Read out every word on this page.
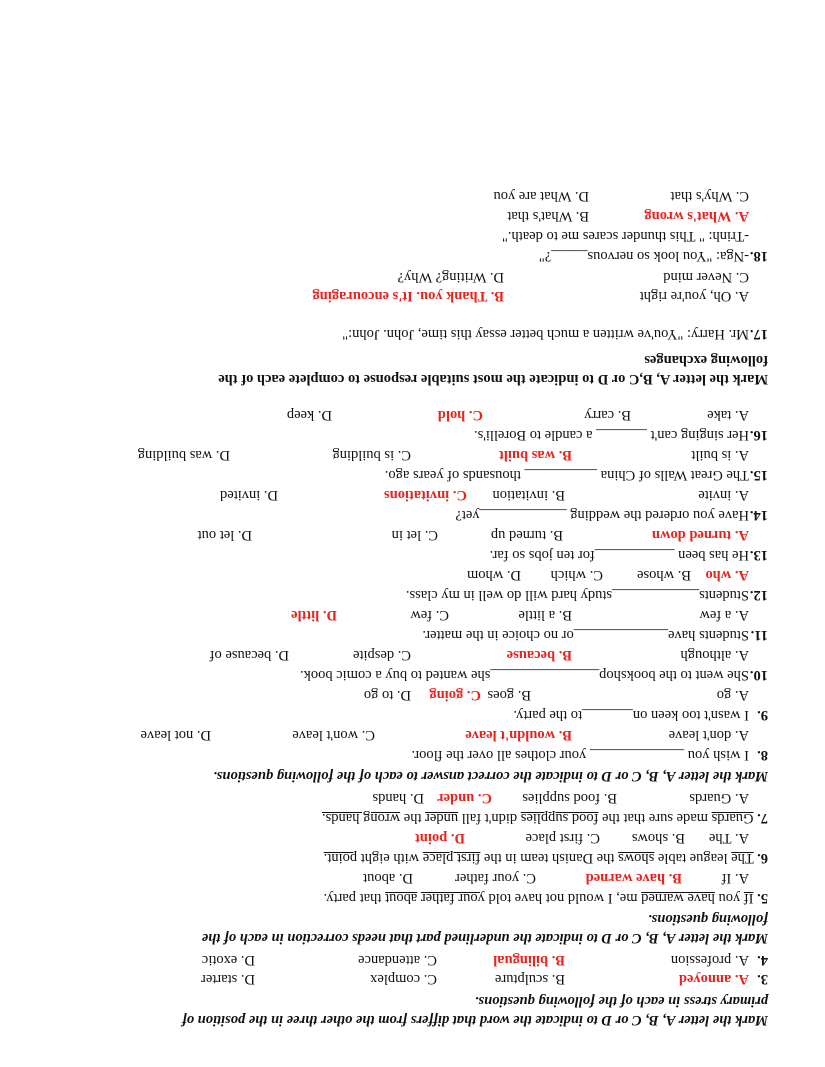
Mark the letter A, B, C or D to indicate the word that differs from the other three in the position of
primary stress in each of the following questions.
3.
A. annoyed
B. sculpture
C. complex
D. starter
4.
A. profession
B. bilingual
C. attendance
D. exotic
Mark the letter A, B, C or D to indicate the underlined part that needs correction in each of the
following questions.
5. If you have warned me, I would not have told your father about that party.
A. If
B. have warned
C. your father
D. about
6. The league table shows the Danish team in the first place with eight point.
A. The
B. shows
C. first place
D. point
7. Guards made sure that the food supplies didn't fall under the wrong hands.
A. Guards
B. food supplies
C. under
D. hands
Mark the letter A, B, C or D to indicate the correct answer to each of the following questions.
8.
I wish you _____________ your clothes all over the floor.
A. don't leave
B. wouldn't leave
C. won't leave
D. not leave
9.
I wasn't too keen on_______to the party.
A. go
B. goes
C. going
D. to go
10.
She went to the bookshop_______________she wanted to buy a comic book.
A. although
B. because
C. despite
D. because of
11.
Students have_____________or no choice in the matter.
A. a few
B. a little
C. few
D. little
12.
Students____________study hard will do well in my class.
A. who
B. whose
C. which
D. whom
13.
He has been ___________for ten jobs so far.
A. turned down
B. turned up
C. let in
D. let out
14.
Have you ordered the wedding ____________yet?
A. invite
B. invitation
C. invitations
D. invited
15.
The Great Walls of China __________ thousands of years ago.
A. is built
B. was built
C. is building
D. was building
16.
Her singing can't _______ a candle to Borelli's.
A. take
B. carry
C. hold
D. keep
Mark the letter A, B,C or D to indicate the most suitable response to complete each of the
following exchanges
17.
Mr. Harry: "You've written a much better essay this time, John. John:"
A. Oh, you're right
B. Thank you. It's encouraging
C. Never mind
D. Writing? Why?
18.
-Nga: "You look so nervous_____?"
-Trinh: " This thunder scares me to death."
A. What's wrong
B. What's that
C. Why's that
D. What are you
